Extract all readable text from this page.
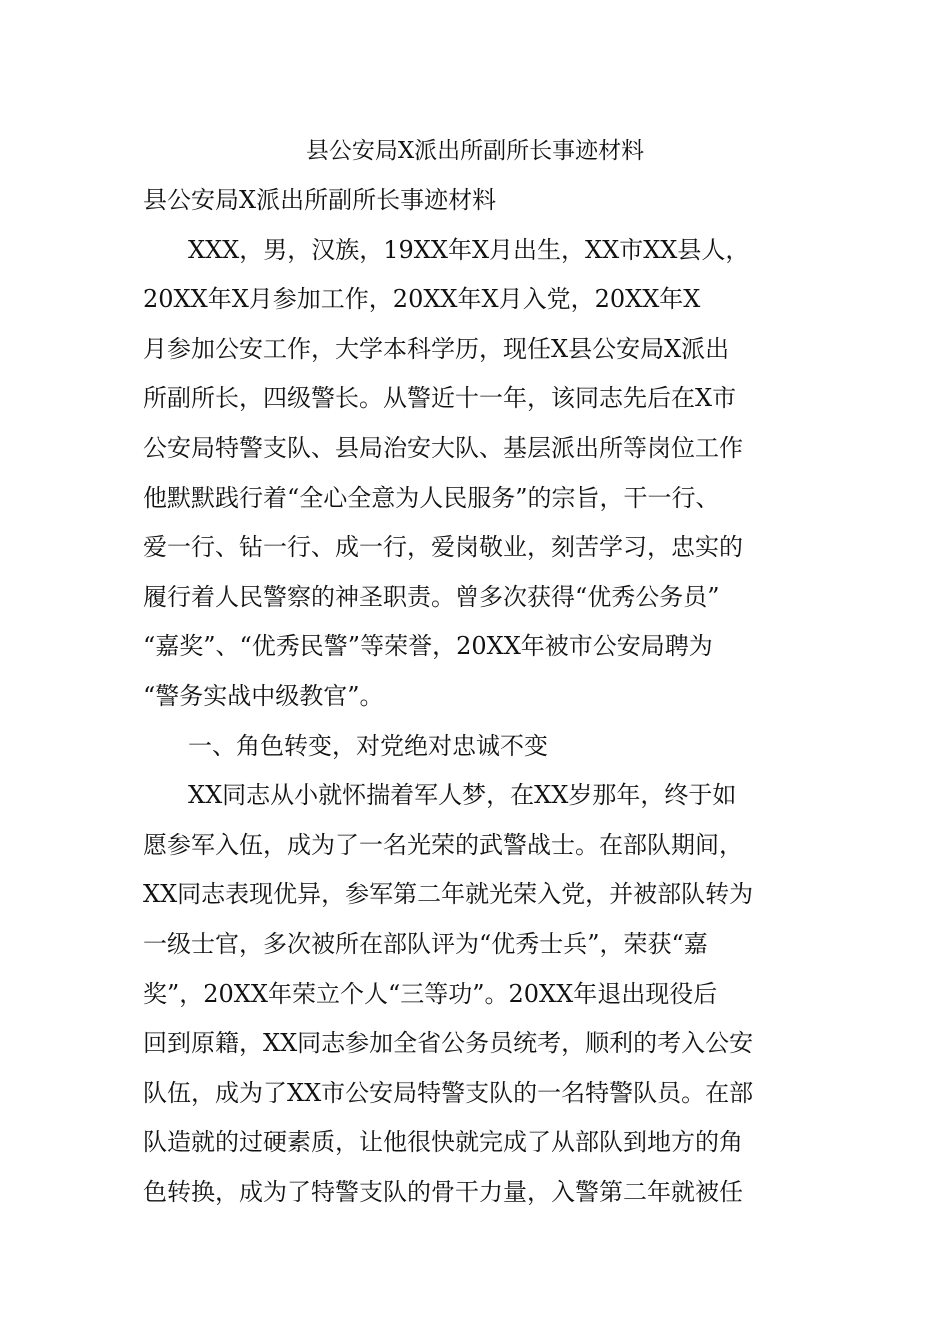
县公安局X派出所副所长事迹材料
县公安局X派出所副所长事迹材料
XXX，男，汉族，19XX年X月出生，XX市XX县人，
20XX年X月参加工作，20XX年X月入党，20XX年X
月参加公安工作，大学本科学历，现任X县公安局X派出
所副所长，四级警长。从警近十一年，该同志先后在X市
公安局特警支队、县局治安大队、基层派出所等岗位工作
他默默践行着“全心全意为人民服务”的宗旨，干一行、
爱一行、钻一行、成一行，爱岗敬业，刻苦学习，忠实的
履行着人民警察的神圣职责。曾多次获得“优秀公务员”
“嘉奖”、“优秀民警”等荣誉，20XX年被市公安局聘为
“警务实战中级教官”。
一、角色转变，对党绝对忠诚不变
XX同志从小就怀揣着军人梦，在XX岁那年，终于如
愿参军入伍，成为了一名光荣的武警战士。在部队期间，
XX同志表现优异，参军第二年就光荣入党，并被部队转为
一级士官，多次被所在部队评为“优秀士兵”，荣获“嘉
奖”，20XX年荣立个人“三等功”。20XX年退出现役后
回到原籍，XX同志参加全省公务员统考，顺利的考入公安
队伍，成为了XX市公安局特警支队的一名特警队员。在部
队造就的过硬素质，让他很快就完成了从部队到地方的角
色转换，成为了特警支队的骨干力量，入警第二年就被任
